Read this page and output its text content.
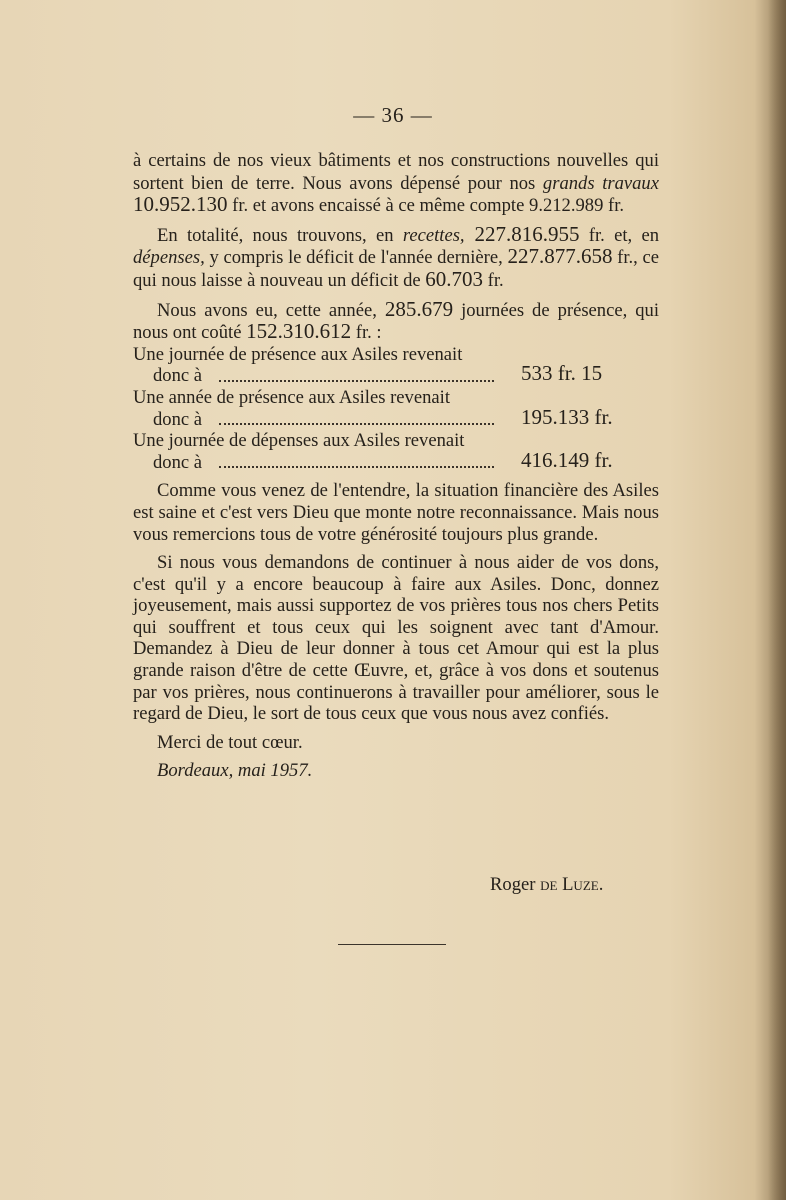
— 36 —

à certains de nos vieux bâtiments et nos constructions nouvelles qui sortent bien de terre. Nous avons dépensé pour nos grands travaux 10.952.130 fr. et avons encaissé à ce même compte 9.212.989 fr.

En totalité, nous trouvons, en recettes, 227.816.955 fr. et, en dépenses, y compris le déficit de l'année dernière, 227.877.658 fr., ce qui nous laisse à nouveau un déficit de 60.703 fr.

Nous avons eu, cette année, 285.679 journées de présence, qui nous ont coûté 152.310.612 fr. :

Une journée de présence aux Asiles revenait
donc à	533 fr. 15
Une année de présence aux Asiles revenait
donc à	195.133 fr.
Une journée de dépenses aux Asiles revenait
donc à	416.149 fr.

Comme vous venez de l'entendre, la situation financière des Asiles est saine et c'est vers Dieu que monte notre reconnaissance. Mais nous vous remercions tous de votre générosité toujours plus grande.

Si nous vous demandons de continuer à nous aider de vos dons, c'est qu'il y a encore beaucoup à faire aux Asiles. Donc, donnez joyeusement, mais aussi supportez de vos prières tous nos chers Petits qui souffrent et tous ceux qui les soignent avec tant d'Amour. Demandez à Dieu de leur donner à tous cet Amour qui est la plus grande raison d'être de cette Œuvre, et, grâce à vos dons et soutenus par vos prières, nous continuerons à travailler pour améliorer, sous le regard de Dieu, le sort de tous ceux que vous nous avez confiés.

Merci de tout cœur.

Bordeaux, mai 1957.

Roger de Luze.
